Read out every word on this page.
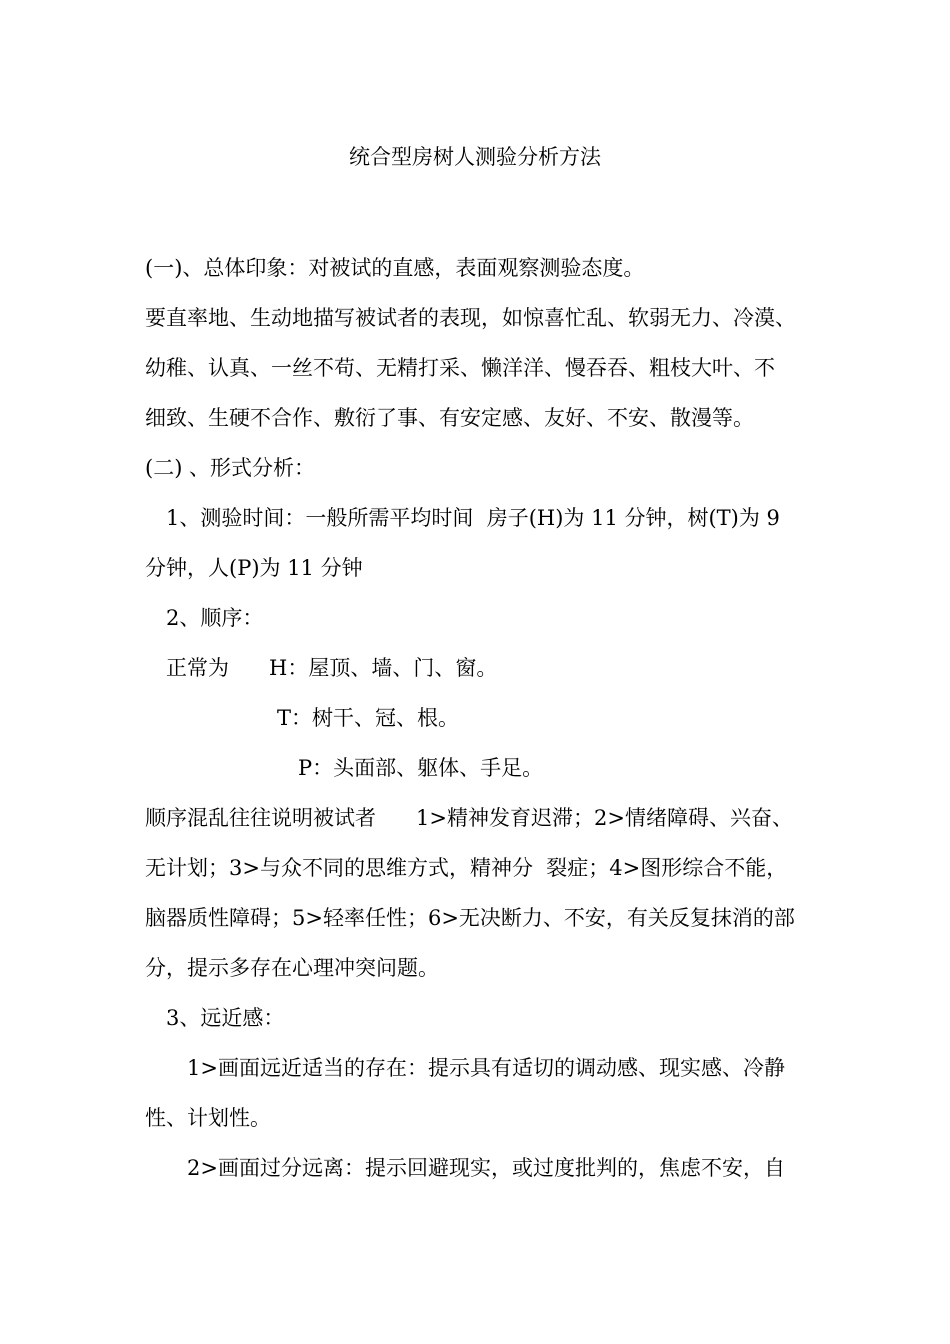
统合型房树人测验分析方法

(一)、总体印象：对被试的直感，表面观察测验态度。

要直率地、生动地描写被试者的表现，如惊喜忙乱、软弱无力、冷漠、

幼稚、认真、一丝不苟、无精打采、懒洋洋、慢吞吞、粗枝大叶、不

细致、生硬不合作、敷衍了事、有安定感、友好、不安、散漫等。

(二) 、形式分析：

1、测验时间：一般所需平均时间  房子(H)为 11 分钟，树(T)为 9

分钟，人(P)为 11 分钟

2、顺序：

正常为      H：屋顶、墙、门、窗。

T：树干、冠、根。

P：头面部、躯体、手足。

顺序混乱往往说明被试者      1>精神发育迟滞；2>情绪障碍、兴奋、

无计划；3>与众不同的思维方式，精神分  裂症；4>图形综合不能，

脑器质性障碍；5>轻率任性；6>无决断力、不安，有关反复抹消的部

分，提示多存在心理冲突问题。

3、远近感：

1>画面远近适当的存在：提示具有适切的调动感、现实感、冷静

性、计划性。

2>画面过分远离：提示回避现实，或过度批判的，焦虑不安，自
